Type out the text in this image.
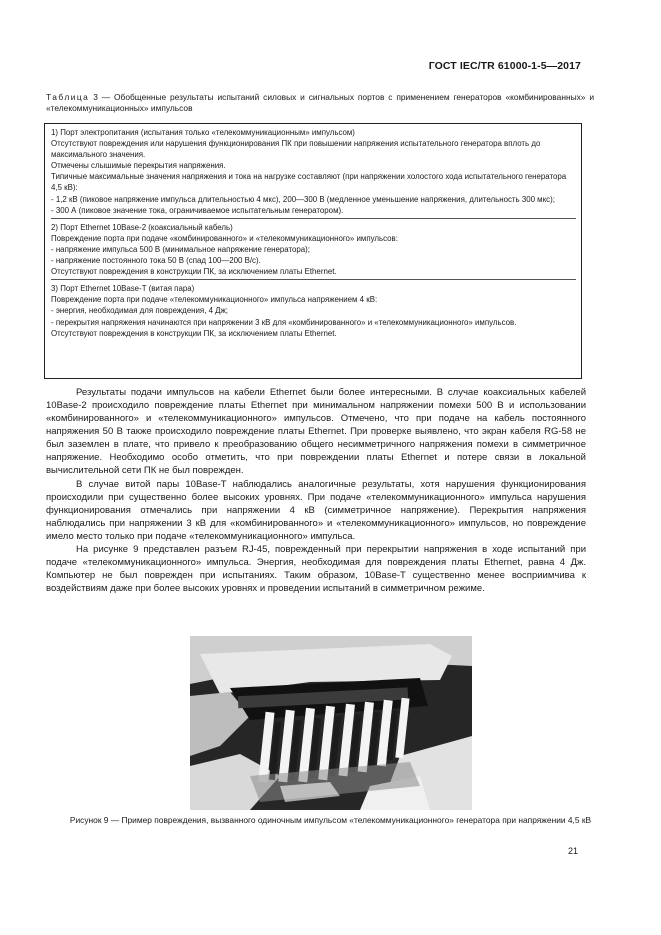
ГОСТ IEC/TR 61000-1-5—2017
Таблица 3 — Обобщенные результаты испытаний силовых и сигнальных портов с применением генераторов «комбинированных» и «телекоммуникационных» импульсов

1) Порт электропитания (испытания только «телекоммуникационным» импульсом)

Отсутствуют повреждения или нарушения функционирования ПК при повышении напряжения испытательного генератора вплоть до максимального значения.

Отмечены слышимые перекрытия напряжения.

Типичные максимальные значения напряжения и тока на нагрузке составляют (при напряжении холостого хода испытательного генератора 4,5 кВ):

- 1,2 кВ (пиковое напряжение импульса длительностью 4 мкс), 200—300 В (медленное уменьшение напряжения, длительность 300 мкс);

- 300 А (пиковое значение тока, ограничиваемое испытательным генератором).

2) Порт Ethernet 10Base-2 (коаксиальный кабель)

Повреждение порта при подаче «комбинированного» и «телекоммуникационного» импульсов:

- напряжение импульса 500 В (минимальное напряжение генератора);

- напряжение постоянного тока 50 В (спад 100—200 В/с).

Отсутствуют повреждения в конструкции ПК, за исключением платы Ethernet.

3) Порт Ethernet 10Base-T (витая пара)

Повреждение порта при подаче «телекоммуникационного» импульса напряжением 4 кВ:

- энергия, необходимая для повреждения, 4 Дж;

- перекрытия напряжения начинаются при напряжении 3 кВ для «комбинированного» и «телекоммуникационного» импульсов.

Отсутствуют повреждения в конструкции ПК, за исключением платы Ethernet.

Результаты подачи импульсов на кабели Ethernet были более интересными. В случае коаксиальных кабелей 10Base-2 происходило повреждение платы Ethernet при минимальном напряжении помехи 500 В и использовании «комбинированного» и «телекоммуникационного» импульсов. Отмечено, что при подаче на кабель постоянного напряжения 50 В также происходило повреждение платы Ethernet. При проверке выявлено, что экран кабеля RG-58 не был заземлен в плате, что привело к преобразованию общего несимметричного напряжения помехи в симметричное напряжение. Необходимо особо отметить, что при повреждении платы Ethernet и потере связи в локальной вычислительной сети ПК не был поврежден.

В случае витой пары 10Base-T наблюдались аналогичные результаты, хотя нарушения функционирования происходили при существенно более высоких уровнях. При подаче «телекоммуникационного» импульса нарушения функционирования отмечались при напряжении 4 кВ (симметричное напряжение). Перекрытия напряжения наблюдались при напряжении 3 кВ для «комбинированного» и «телекоммуникационного» импульсов, но повреждение имело место только при подаче «телекоммуникационного» импульса.

На рисунке 9 представлен разъем RJ-45, поврежденный при перекрытии напряжения в ходе испытаний при подаче «телекоммуникационного» импульса. Энергия, необходимая для повреждения платы Ethernet, равна 4 Дж. Компьютер не был поврежден при испытаниях. Таким образом, 10Base-T существенно менее восприимчива к воздействиям даже при более высоких уровнях и проведении испытаний в симметричном режиме.

Рисунок 9 — Пример повреждения, вызванного одиночным импульсом «телекоммуникационного» генератора при напряжении 4,5 кВ
21
